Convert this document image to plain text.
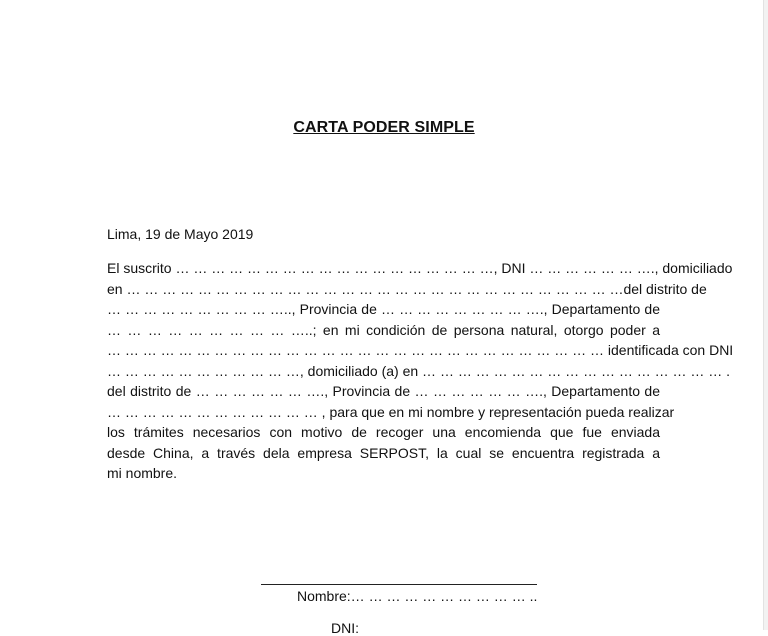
CARTA PODER SIMPLE
Lima, 19 de Mayo 2019
El suscrito … … … … … … … … … … … … … … … … … …, DNI … … … … … … …., domiciliado
en … … … … … … … … … … … … … … … … … … … … … … … … … … … …del distrito de
… … … … … … … … … ….., Provincia de … … … … … … … … …., Departamento de
… … … … … … … … … …..; en mi condición de persona natural, otorgo poder a
… … … … … … … … … … … … … … … … … … … … … … … … … … … … identificada con DNI
… … … … … … … … … … …, domiciliado (a) en … … … … … … … … … … … … … … … … … .
del distrito de … … … … … … …., Provincia de … … … … … … …., Departamento de
… … … … … … … … … … … … , para que en mi nombre y representación pueda realizar
los trámites necesarios con motivo de recoger una encomienda que fue enviada
desde China, a través dela empresa SERPOST, la cual se encuentra registrada a
mi nombre.
Nombre:… … … … … … … … … … ..
DNI:
